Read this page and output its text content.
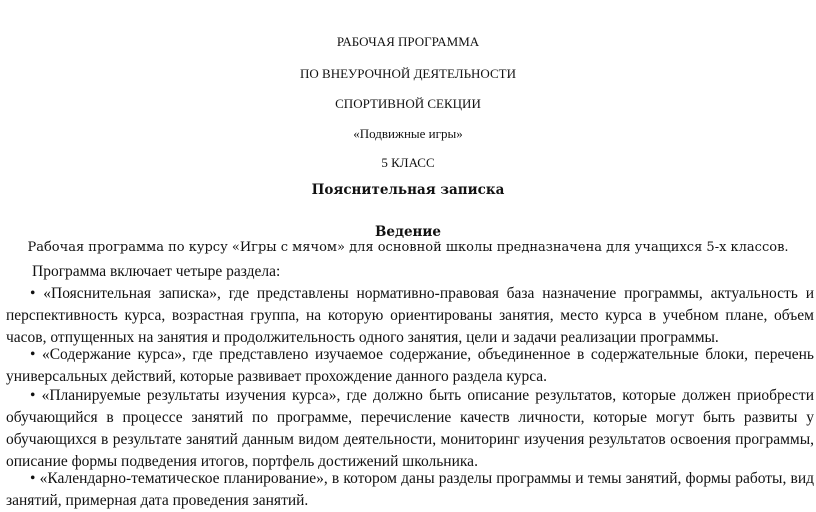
РАБОЧАЯ ПРОГРАММА
ПО ВНЕУРОЧНОЙ ДЕЯТЕЛЬНОСТИ
СПОРТИВНОЙ СЕКЦИИ
«Подвижные игры»
5 КЛАСС
Пояснительная записка
Ведение
Рабочая программа по курсу «Игры с мячом» для основной школы предназначена для учащихся 5-х классов.
Программа включает четыре раздела:
• «Пояснительная записка», где представлены нормативно-правовая база назначение программы, актуальность и перспективность курса, возрастная группа, на которую ориентированы занятия, место курса в учебном плане, объем часов, отпущенных на занятия и продолжительность одного занятия, цели и задачи реализации программы.
• «Содержание курса», где представлено изучаемое содержание, объединенное в содержательные блоки, перечень универсальных действий, которые развивает прохождение данного раздела курса.
• «Планируемые результаты изучения курса», где должно быть описание результатов, которые должен приобрести обучающийся в процессе занятий по программе, перечисление качеств личности, которые могут быть развиты у обучающихся в результате занятий данным видом деятельности, мониторинг изучения результатов освоения программы, описание формы подведения итогов, портфель достижений школьника.
• «Календарно-тематическое планирование», в котором даны разделы программы и темы занятий, формы работы, вид занятий, примерная дата проведения занятий.
